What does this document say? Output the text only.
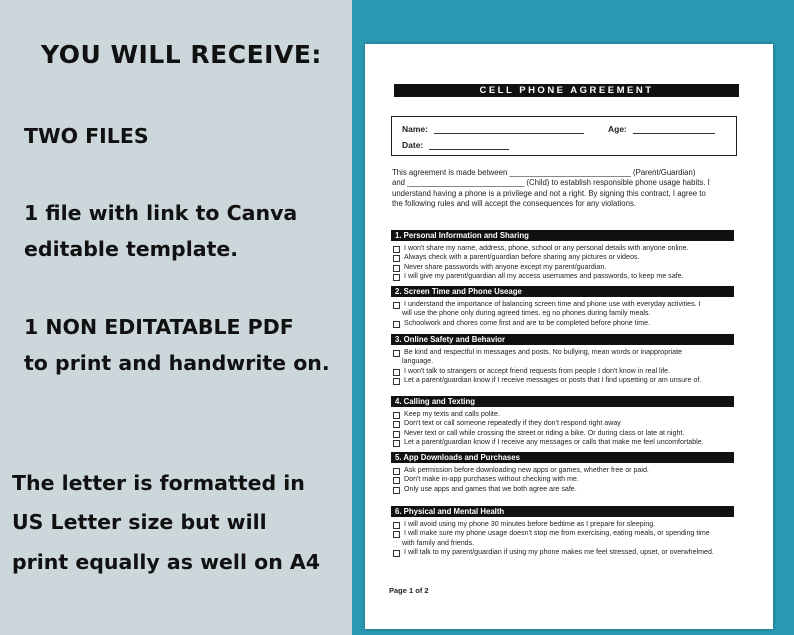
YOU WILL RECEIVE:

TWO FILES

1 file with link to Canva

editable template.

1 NON EDITATABLE PDF

to print and handwrite on.

The letter is formatted in

US Letter size but will

print equally as well on A4

CELL PHONE AGREEMENT
Name:	Age:
Date:
This agreement is made between ____________________________ (Parent/Guardian)
and ___________________________ (Child) to establish responsible phone usage habits. I
understand having a phone is a privilege and not a right. By signing this contract, I agree to
the following rules and will accept the consequences for any violations.
1. Personal Information and Sharing
I won't share my name, address, phone, school or any personal details with anyone online.
Always check with a parent/guardian before sharing any pictures or videos.
Never share passwords with anyone except my parent/guardian.
I will give my parent/guardian all my access usernames and passwords, to keep me safe.
2. Screen Time and Phone Useage
I understand the importance of balancing screen time and phone use with everyday activities. I
will use the phone only during agreed times. eg no phones during family meals.
Schoolwork and chores come first and are to be completed before phone time.
3. Online Safety and Behavior
Be kind and respectful in messages and posts. No bullying, mean words or inappropriate
language.
I won't talk to strangers or accept friend requests from people I don't know in real life.
Let a parent/guardian know if I receive messages or posts that I find upsetting or am unsure of.
4. Calling and Texting
Keep my texts and calls polite.
Don't text or call someone repeatedly if they don't respond right away
Never text or call while crossing the street or riding a bike. Or during class or late at night.
Let a parent/guardian know if I receive any messages or calls that make me feel uncomfortable.
5. App Downloads and Purchases
Ask permission before downloading new apps or games, whether free or paid.
Don't make in-app purchases without checking with me.
Only use apps and games that we both agree are safe.
6. Physical and Mental Health
I will avoid using my phone 30 minutes before bedtime as I prepare for sleeping.
I will make sure my phone usage doesn't stop me from exercising, eating meals, or spending time
with family and friends.
I will talk to my parent/guardian if using my phone makes me feel stressed, upset, or overwhelmed.
Page 1 of 2
